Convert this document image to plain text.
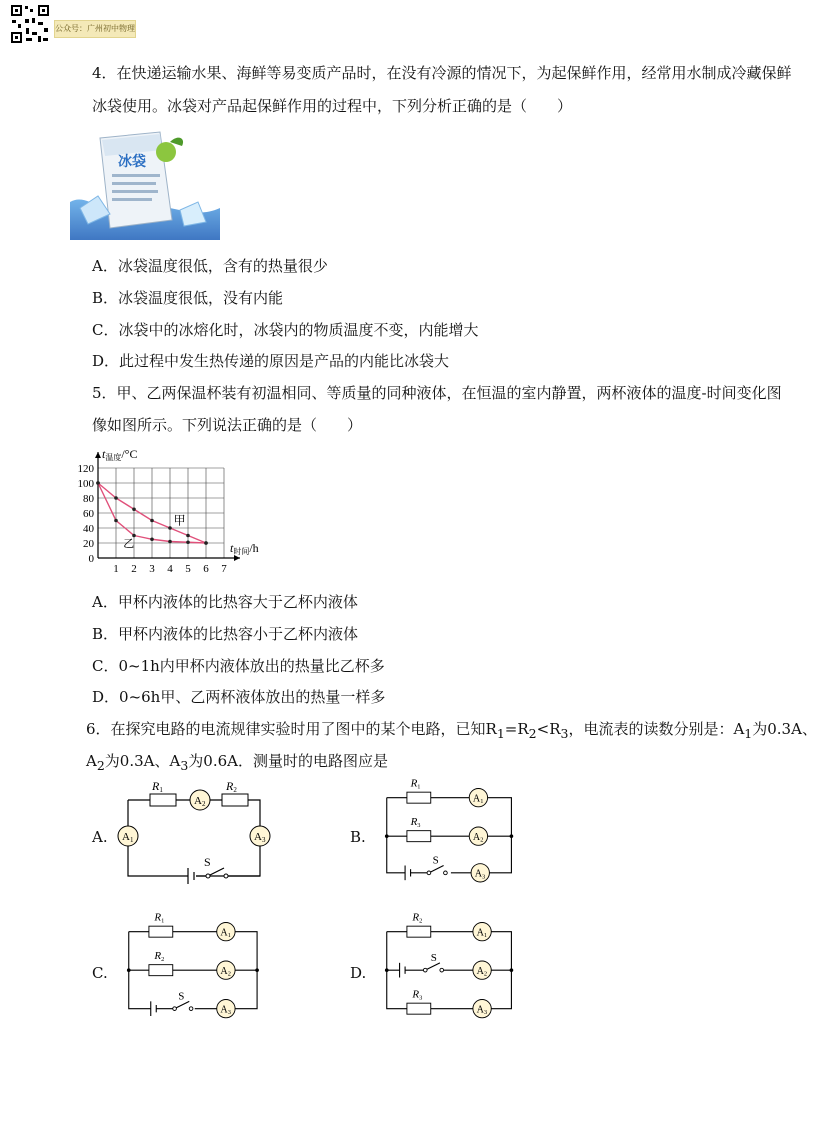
公众号：广州初中物理
4．在快递运输水果、海鲜等易变质产品时，在没有冷源的情况下，为起保鲜作用，经常用水制成冷藏保鲜
冰袋使用。冰袋对产品起保鲜作用的过程中，下列分析正确的是（　　）
冰袋
A．冰袋温度很低，含有的热量很少
B．冰袋温度很低，没有内能
C．冰袋中的冰熔化时，冰袋内的物质温度不变，内能增大
D．此过程中发生热传递的原因是产品的内能比冰袋大
5．甲、乙两保温杯装有初温相同、等质量的同种液体，在恒温的室内静置，两杯液体的温度-时间变化图
像如图所示。下列说法正确的是（　　）
0
20
40
60
80
100
120
1 2 3 4 5 6 7
甲
乙
t温度/°C
t时间/h
A．甲杯内液体的比热容大于乙杯内液体
B．甲杯内液体的比热容小于乙杯内液体
C．0~1h内甲杯内液体放出的热量比乙杯多
D．0~6h甲、乙两杯液体放出的热量一样多
6．在探究电路的电流规律实验时用了图中的某个电路，已知$R_1=R_2<R_3$，电流表的读数分别是：$A_1$为0.3A、
$A_2$为0.3A、$A_3$为0.6A．测量时的电路图应是
A.
A2
A1	A3
R1	R2
S
B.
A1
A2
A3
R1
R3
S
C.
A1
A2
A3
R1
R2
S
D.
A1
A2
A3
R2
R3
S
